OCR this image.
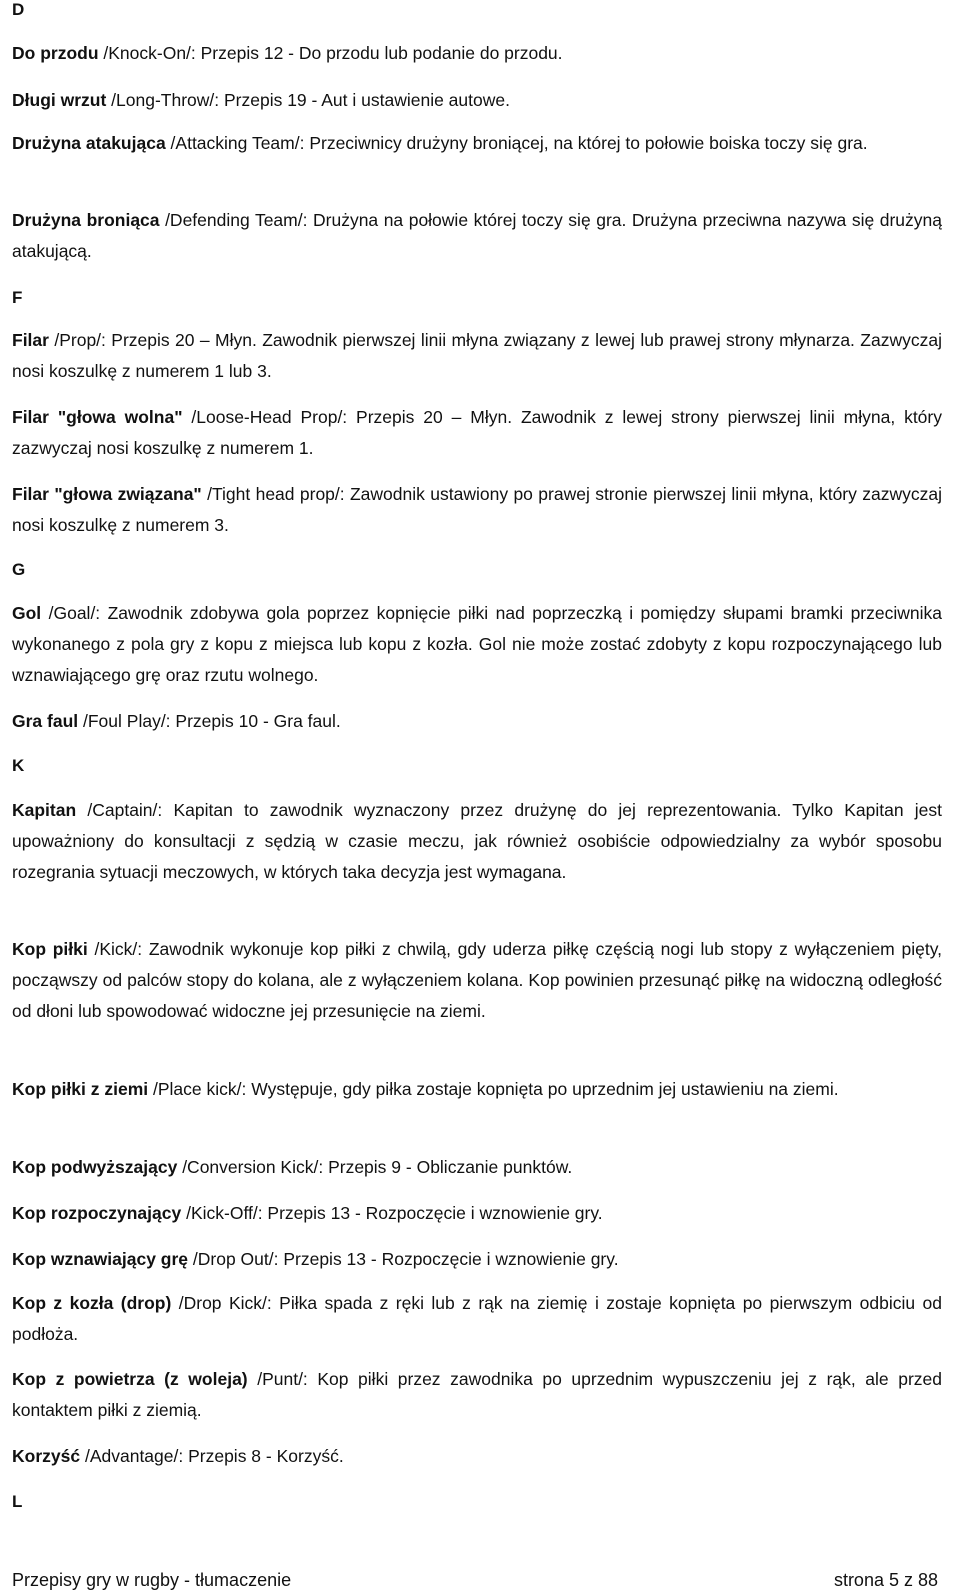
D
Do przodu /Knock-On/: Przepis 12 - Do przodu lub podanie do przodu.
Długi wrzut /Long-Throw/: Przepis 19 - Aut i ustawienie autowe.
Drużyna atakująca /Attacking Team/: Przeciwnicy drużyny broniącej, na której to połowie boiska toczy się gra.
Drużyna broniąca /Defending Team/: Drużyna na połowie której toczy się gra. Drużyna przeciwna nazywa się drużyną atakującą.
F
Filar /Prop/: Przepis 20 – Młyn. Zawodnik pierwszej linii młyna związany z lewej lub prawej strony młynarza. Zazwyczaj nosi koszulkę z numerem 1 lub 3.
Filar "głowa wolna" /Loose-Head Prop/: Przepis 20 – Młyn. Zawodnik z lewej strony pierwszej linii młyna, który zazwyczaj nosi koszulkę z numerem 1.
Filar "głowa związana" /Tight head prop/: Zawodnik ustawiony po prawej stronie pierwszej linii młyna, który zazwyczaj nosi koszulkę z numerem 3.
G
Gol /Goal/: Zawodnik zdobywa gola poprzez kopnięcie piłki nad poprzeczką i pomiędzy słupami bramki przeciwnika wykonanego z pola gry z kopu z miejsca lub kopu z kozła. Gol nie może zostać zdobyty z kopu rozpoczynającego lub wznawiającego grę oraz rzutu wolnego.
Gra faul /Foul Play/: Przepis 10 - Gra faul.
K
Kapitan /Captain/: Kapitan to zawodnik wyznaczony przez drużynę do jej reprezentowania. Tylko Kapitan jest upoważniony do konsultacji z sędzią w czasie meczu, jak również osobiście odpowiedzialny za wybór sposobu rozegrania sytuacji meczowych, w których taka decyzja jest wymagana.
Kop piłki /Kick/: Zawodnik wykonuje kop piłki z chwilą, gdy uderza piłkę częścią nogi lub stopy z wyłączeniem pięty, począwszy od palców stopy do kolana, ale z wyłączeniem kolana. Kop powinien przesunąć piłkę na widoczną odległość od dłoni lub spowodować widoczne jej przesunięcie na ziemi.
Kop piłki z ziemi /Place kick/: Występuje, gdy piłka zostaje kopnięta po uprzednim jej ustawieniu na ziemi.
Kop podwyższający /Conversion Kick/: Przepis 9 - Obliczanie punktów.
Kop rozpoczynający /Kick-Off/: Przepis 13 - Rozpoczęcie i wznowienie gry.
Kop wznawiający grę /Drop Out/: Przepis 13 - Rozpoczęcie i wznowienie gry.
Kop z kozła (drop) /Drop Kick/: Piłka spada z ręki lub z rąk na ziemię i zostaje kopnięta po pierwszym odbiciu od podłoża.
Kop z powietrza (z woleja) /Punt/: Kop piłki przez zawodnika po uprzednim wypuszczeniu jej z rąk, ale przed kontaktem piłki z ziemią.
Korzyść /Advantage/: Przepis 8 - Korzyść.
L
Przepisy gry w rugby - tłumaczenie	strona 5 z 88
